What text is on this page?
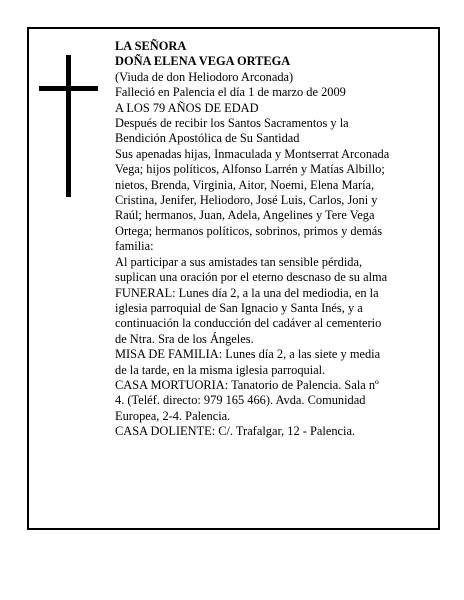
LA SEÑORA
DOÑA ELENA VEGA ORTEGA
(Viuda de don Heliodoro Arconada)
Falleció en Palencia el día 1 de marzo de 2009
A LOS 79 AÑOS DE EDAD
Después de recibir los Santos Sacramentos y la
Bendición Apostólica de Su Santidad
Sus apenadas hijas, Inmaculada y Montserrat Arconada
Vega; hijos políticos, Alfonso Larrén y Matías Albillo;
nietos, Brenda, Virginia, Aitor, Noemi, Elena María,
Cristina, Jenifer, Heliodoro, José Luis, Carlos, Joni y
Raúl; hermanos, Juan, Adela, Angelines y Tere Vega
Ortega; hermanos políticos, sobrinos, primos y demás
familia:
Al participar a sus amistades tan sensible pérdida,
suplican una oración por el eterno descnaso de su alma
FUNERAL: Lunes día 2, a la una del mediodia, en la
iglesia parroquial de San Ignacio y Santa Inés, y a
continuación la conducción del cadáver al cementerio
de Ntra. Sra de los Ángeles.
MISA DE FAMILIA: Lunes día 2, a las siete y media
de la tarde, en la misma iglesia parroquial.
CASA MORTUORIA: Tanatorio de Palencia. Sala nº
4. (Teléf. directo: 979 165 466). Avda. Comunidad
Europea, 2-4. Palencia.
CASA DOLIENTE: C/. Trafalgar, 12 - Palencia.
